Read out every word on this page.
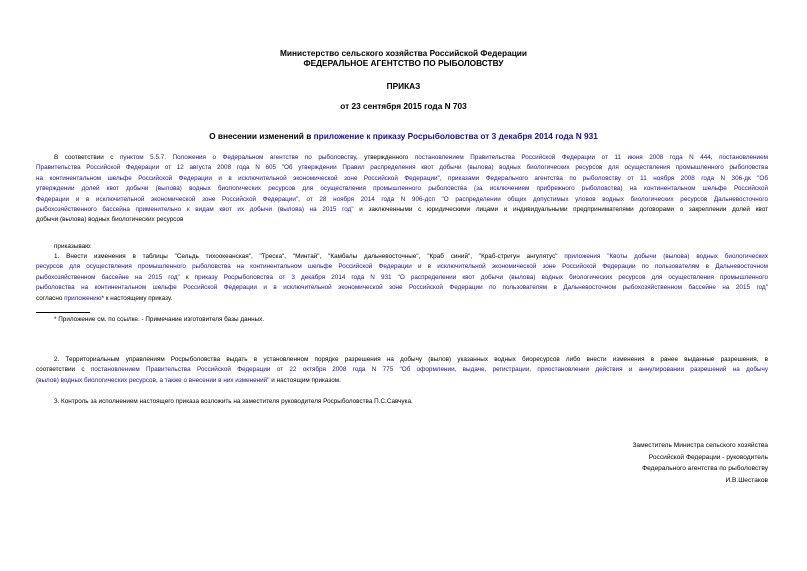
Министерство сельского хозяйства Российской Федерации
ФЕДЕРАЛЬНОЕ АГЕНТСТВО ПО РЫБОЛОВСТВУ
ПРИКАЗ
от 23 сентября 2015 года N 703
О внесении изменений в приложение к приказу Росрыболовства от 3 декабря 2014 года N 931
В соответствии с пунктом 5.5.7. Положения о Федеральном агентстве по рыболовству, утвержденного постановлением Правительства Российской Федерации от 11 июня 2008 года N 444, постановлением
Правительства Российской Федерации от 12 августа 2008 года N 605 "Об утверждении Правил распределения квот добычи (вылова) водных биологических ресурсов для осуществления промышленного рыболовства
на континентальном шельфе Российской Федерации и в исключительной экономической зоне Российской Федерации", приказами Федерального агентства по рыболовству от 11 ноября 2008 года N 306-дк "Об
утверждении долей квот добычи (вылова) водных биологических ресурсов для осуществления промышленного рыболовства (за исключением прибрежного рыболовства) на континентальном шельфе Российской
Федерации и в исключительной экономической зоне Российской Федерации", от 28 ноября 2014 года N 906-дсп "О распределении общих допустимых уловов водных биологических ресурсов Дальневосточного
рыбохозяйственного бассейна применительно к видам квот их добычи (вылова) на 2015 год" и заключенными с юридическими лицами и индивидуальными предпринимателями договорами о закреплении долей квот
добычи (вылова) водных биологических ресурсов
приказываю:
1. Внести изменения в таблицы "Сельдь тихоокеанская", "Треска", "Минтай", "Камбалы дальневосточные", "Краб синий", "Краб-стригун ангулятус" приложения "Квоты добычи (вылова) водных биологических
ресурсов для осуществления промышленного рыболовства на континентальном шельфе Российской Федерации и в исключительной экономической зоне Российской Федерации по пользователям в Дальневосточном
рыбохозяйственном бассейне на 2015 год" к приказу Росрыболовства от 3 декабря 2014 года N 931 "О распределении квот добычи (вылова) водных биологических ресурсов для осуществления промышленного
рыболовства на континентальном шельфе Российской Федерации и в исключительной экономической зоне Российской Федерации по пользователям в Дальневосточном рыбохозяйственном бассейне на 2015 год"
согласно приложению* к настоящему приказу.
* Приложение см. по ссылке. - Примечание изготовителя базы данных.
2. Территориальным управлениям Росрыболовства выдать в установленном порядке разрешения на добычу (вылов) указанных водных биоресурсов либо внести изменения в ранее выданные разрешения, в
соответствии с постановлением Правительства Российской Федерации от 22 октября 2008 года N 775 "Об оформлении, выдаче, регистрации, приостановлении действия и аннулировании разрешений на добычу
(вылов) водных биологических ресурсов, а также о внесении в них изменений" и настоящим приказом.
3. Контроль за исполнением настоящего приказа возложить на заместителя руководителя Росрыболовства П.С.Савчука.
Заместитель Министра сельского хозяйства
Российской Федерации - руководитель
Федерального агентства по рыболовству
И.В.Шестаков
